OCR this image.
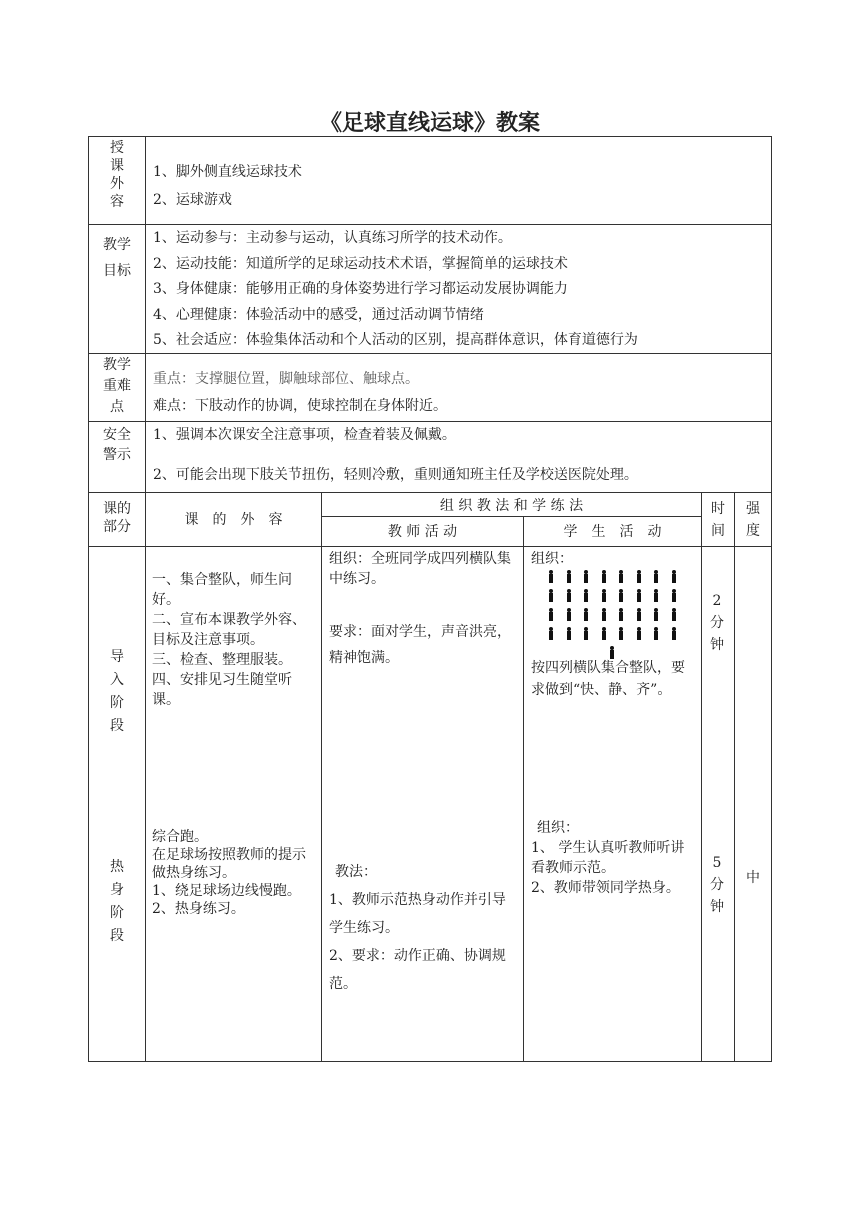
《足球直线运球》教案
授
课
外
容

1、脚外侧直线运球技术

2、运球游戏

教学
目标

1、运动参与：主动参与运动，认真练习所学的技术动作。

2、运动技能：知道所学的足球运动技术术语，掌握简单的运球技术

3、身体健康：能够用正确的身体姿势进行学习都运动发展协调能力

4、心理健康：体验活动中的感受，通过活动调节情绪

5、社会适应：体验集体活动和个人活动的区别，提高群体意识，体育道德行为

教学
重难
点

重点：支撑腿位置，脚触球部位、触球点。

难点：下肢动作的协调，使球控制在身体附近。

安全
警示

1、强调本次课安全注意事项，检查着装及佩戴。

2、可能会出现下肢关节扭伤，轻则冷敷，重则通知班主任及学校送医院处理。

课的
部分	课　的　外　容
组 织 教 法 和 学 练 法
教 师 活 动	学　生　活　动
时
间
强
度
导
入
阶
段

一、集合整队，师生问好。

二、宣布本课教学外容、目标及注意事项。

三、检查、整理服装。

四、安排见习生随堂听课。

组织：全班同学成四列横队集中练习。

要求：面对学生，声音洪亮，精神饱满。

组织：
按四列横队集合整队，要求做到“快、静、齐”。
2
分
钟
热
身
阶
段

综合跑。

在足球场按照教师的提示做热身练习。

1、绕足球场边线慢跑。

2、热身练习。

教法：

1、教师示范热身动作并引导学生练习。

2、要求：动作正确、协调规范。

组织：

1、 学生认真听教师听讲看教师示范。

2、教师带领同学热身。

5
分
钟
中
